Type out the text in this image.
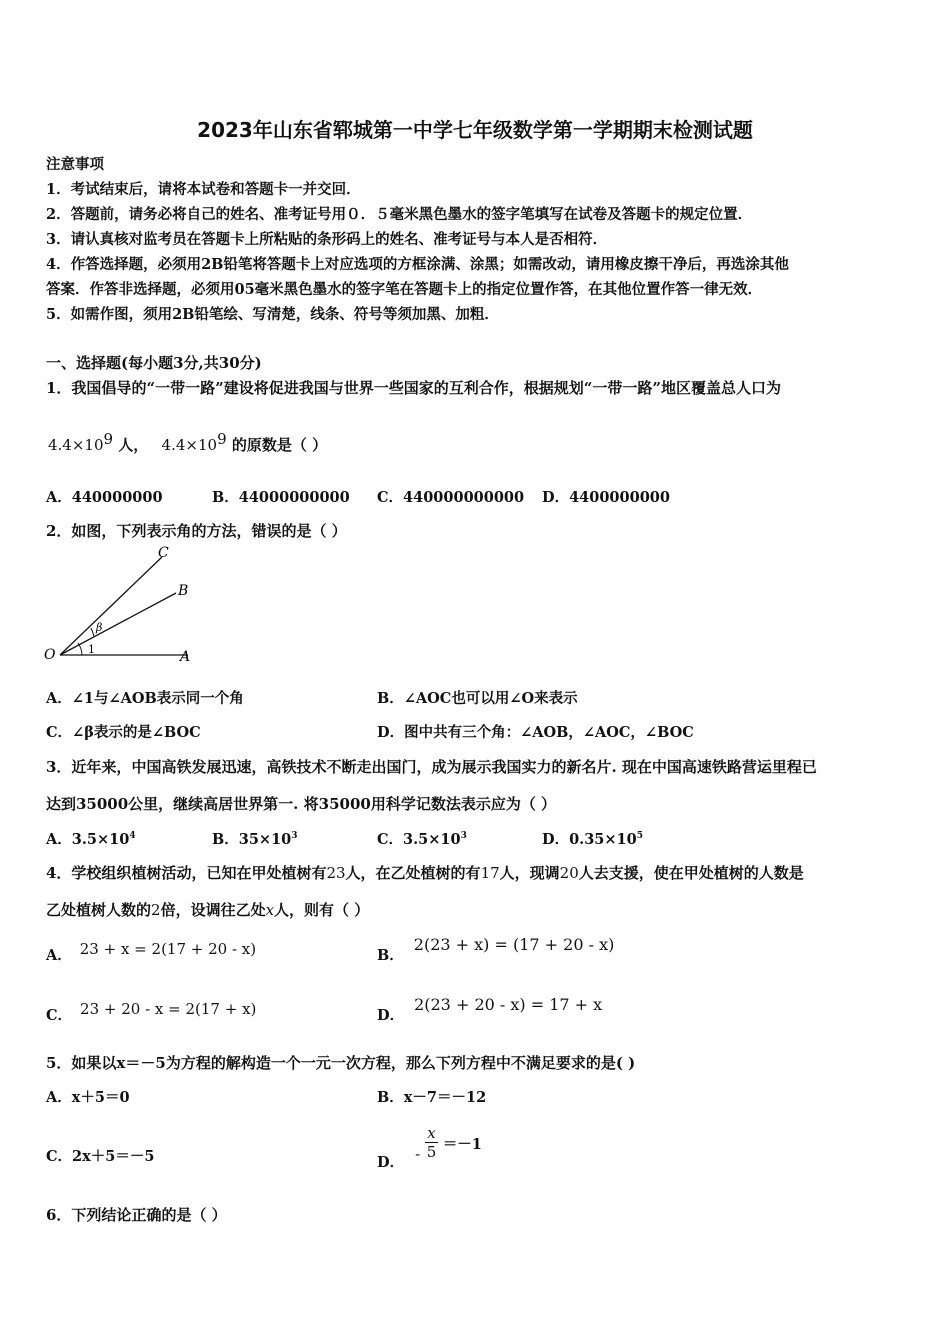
2023年山东省郓城第一中学七年级数学第一学期期末检测试题
注意事项
1．考试结束后，请将本试卷和答题卡一并交回．
2．答题前，请务必将自己的姓名、准考证号用０．５毫米黑色墨水的签字笔填写在试卷及答题卡的规定位置．
3．请认真核对监考员在答题卡上所粘贴的条形码上的姓名、准考证号与本人是否相符．
4．作答选择题，必须用2B铅笔将答题卡上对应选项的方框涂满、涂黑；如需改动，请用橡皮擦干净后，再选涂其他
答案．作答非选择题，必须用05毫米黑色墨水的签字笔在答题卡上的指定位置作答，在其他位置作答一律无效．
5．如需作图，须用2B铅笔绘、写清楚，线条、符号等须加黑、加粗．
一、选择题(每小题3分,共30分)
1．我国倡导的“一带一路”建设将促进我国与世界一些国家的互利合作，根据规划“一带一路”地区覆盖总人口为
$4.4\times 10^9$ 人， $4.4\times 10^9$ 的原数是（ ）
A．440000000	B．44000000000 C．440000000000 D．4400000000
2．如图，下列表示角的方法，错误的是（ ）
C
B
O	A
β
1
A．∠1与∠AOB表示同一个角	B．∠AOC也可以用∠O来表示
C．∠β表示的是∠BOC	D．图中共有三个角：∠AOB，∠AOC，∠BOC
3．近年来，中国高铁发展迅速，高铁技术不断走出国门，成为展示我国实力的新名片. 现在中国高速铁路营运里程已
达到35000公里，继续高居世界第一. 将35000用科学记数法表示应为（ ）
A．$3.5\times 10^4$	B．$35\times 10^3$	C．$3.5\times 10^3$	D．$0.35\times 10^5$
4．学校组织植树活动，已知在甲处植树有23人，在乙处植树的有17人，现调20人去支援，使在甲处植树的人数是
乙处植树人数的2倍，设调往乙处x人，则有（ ）
A． 23 + x = 2(17 + 20 - x)	B．2(23 + x) = (17 + 20 - x)
C． 23 + 20 - x = 2(17 + x)	D．2(23 + 20 - x) = 17 + x
5．如果以x＝－5为方程的解构造一个一元一次方程，那么下列方程中不满足要求的是( )
A．x＋5＝0	B．x－7＝－12
C．2x＋5＝－5	D． - $\frac{x}{5} =-1$
6．下列结论正确的是（ ）
